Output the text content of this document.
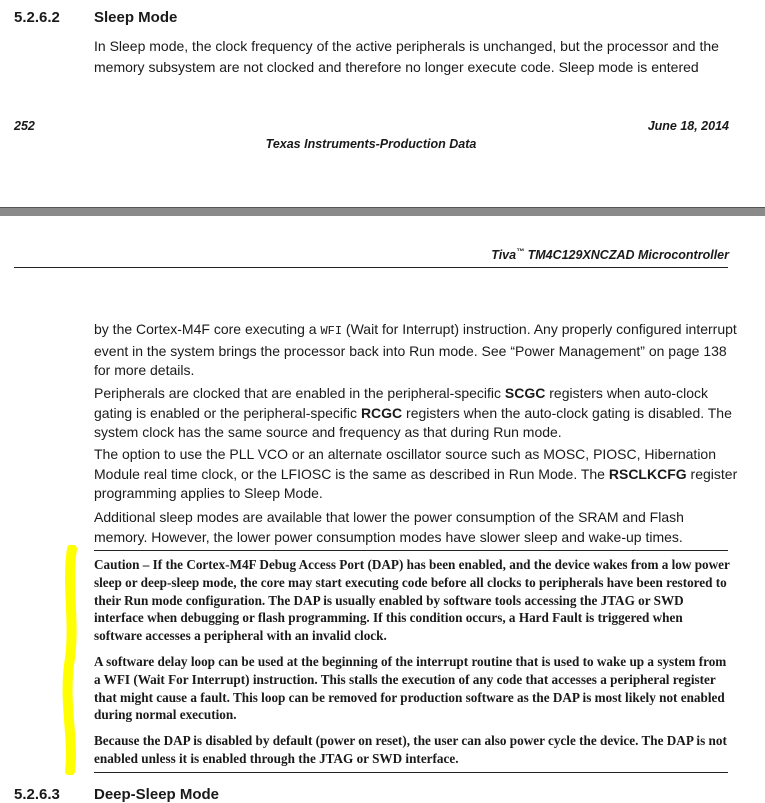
5.2.6.2 Sleep Mode
In Sleep mode, the clock frequency of the active peripherals is unchanged, but the processor and the memory subsystem are not clocked and therefore no longer execute code. Sleep mode is entered
252	June 18, 2014
Texas Instruments-Production Data
Tiva™ TM4C129XNCZAD Microcontroller
by the Cortex-M4F core executing a WFI (Wait for Interrupt) instruction. Any properly configured interrupt event in the system brings the processor back into Run mode. See “Power Management” on page 138 for more details.
Peripherals are clocked that are enabled in the peripheral-specific SCGC registers when auto-clock gating is enabled or the peripheral-specific RCGC registers when the auto-clock gating is disabled. The system clock has the same source and frequency as that during Run mode.
The option to use the PLL VCO or an alternate oscillator source such as MOSC, PIOSC, Hibernation Module real time clock, or the LFIOSC is the same as described in Run Mode. The RSCLKCFG register programming applies to Sleep Mode.
Additional sleep modes are available that lower the power consumption of the SRAM and Flash memory. However, the lower power consumption modes have slower sleep and wake-up times.
Caution – If the Cortex-M4F Debug Access Port (DAP) has been enabled, and the device wakes from a low power sleep or deep-sleep mode, the core may start executing code before all clocks to peripherals have been restored to their Run mode configuration. The DAP is usually enabled by software tools accessing the JTAG or SWD interface when debugging or flash programming. If this condition occurs, a Hard Fault is triggered when software accesses a peripheral with an invalid clock.
A software delay loop can be used at the beginning of the interrupt routine that is used to wake up a system from a WFI (Wait For Interrupt) instruction. This stalls the execution of any code that accesses a peripheral register that might cause a fault. This loop can be removed for production software as the DAP is most likely not enabled during normal execution.
Because the DAP is disabled by default (power on reset), the user can also power cycle the device. The DAP is not enabled unless it is enabled through the JTAG or SWD interface.
5.2.6.3 Deep-Sleep Mode
